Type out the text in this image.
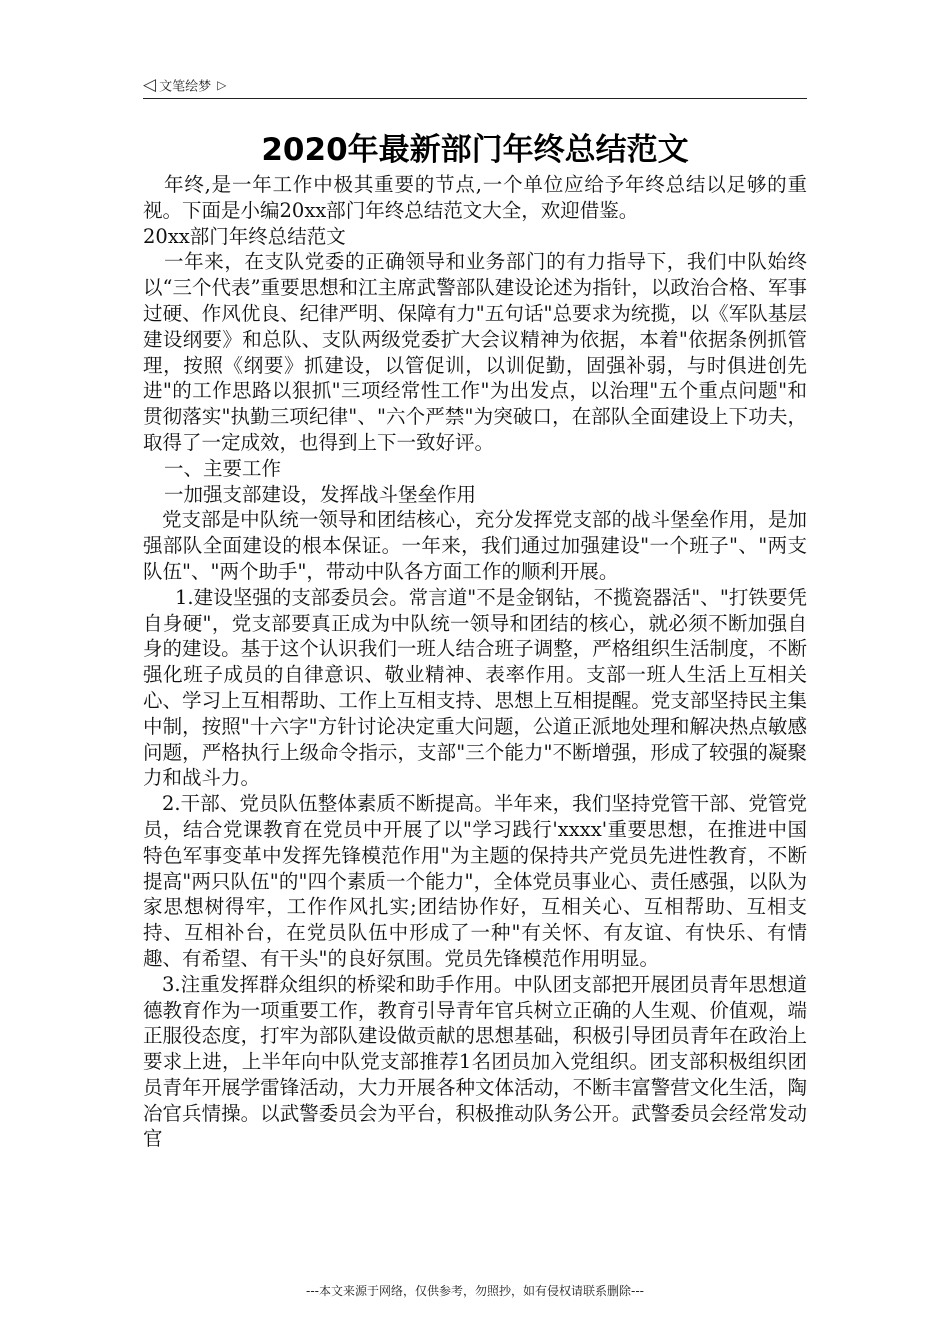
◁ 文笔绘梦 ▷
2020年最新部门年终总结范文

年终,是一年工作中极其重要的节点,一个单位应给予年终总结以足够的重视。下面是小编20xx部门年终总结范文大全，欢迎借鉴。

20xx部门年终总结范文

一年来，在支队党委的正确领导和业务部门的有力指导下，我们中队始终以“三个代表”重要思想和江主席武警部队建设论述为指针，以政治合格、军事过硬、作风优良、纪律严明、保障有力"五句话"总要求为统揽，以《军队基层建设纲要》和总队、支队两级党委扩大会议精神为依据，本着"依据条例抓管理，按照《纲要》抓建设，以管促训，以训促勤，固强补弱，与时俱进创先进"的工作思路以狠抓"三项经常性工作"为出发点，以治理"五个重点问题"和贯彻落实"执勤三项纪律"、"六个严禁"为突破口，在部队全面建设上下功夫，取得了一定成效，也得到上下一致好评。

一、主要工作

一加强支部建设，发挥战斗堡垒作用

党支部是中队统一领导和团结核心，充分发挥党支部的战斗堡垒作用，是加强部队全面建设的根本保证。一年来，我们通过加强建设"一个班子"、"两支队伍"、"两个助手"，带动中队各方面工作的顺利开展。

1.建设坚强的支部委员会。常言道"不是金钢钻，不揽瓷器活"、"打铁要凭自身硬"，党支部要真正成为中队统一领导和团结的核心，就必须不断加强自身的建设。基于这个认识我们一班人结合班子调整，严格组织生活制度，不断强化班子成员的自律意识、敬业精神、表率作用。支部一班人生活上互相关心、学习上互相帮助、工作上互相支持、思想上互相提醒。党支部坚持民主集中制，按照"十六字"方针讨论决定重大问题，公道正派地处理和解决热点敏感问题，严格执行上级命令指示，支部"三个能力"不断增强，形成了较强的凝聚力和战斗力。

2.干部、党员队伍整体素质不断提高。半年来，我们坚持党管干部、党管党员，结合党课教育在党员中开展了以"学习践行'xxxx'重要思想，在推进中国特色军事变革中发挥先锋模范作用"为主题的保持共产党员先进性教育，不断提高"两只队伍"的"四个素质一个能力"，全体党员事业心、责任感强，以队为家思想树得牢，工作作风扎实;团结协作好，互相关心、互相帮助、互相支持、互相补台，在党员队伍中形成了一种"有关怀、有友谊、有快乐、有情趣、有希望、有干头"的良好氛围。党员先锋模范作用明显。

3.注重发挥群众组织的桥梁和助手作用。中队团支部把开展团员青年思想道德教育作为一项重要工作，教育引导青年官兵树立正确的人生观、价值观，端正服役态度，打牢为部队建设做贡献的思想基础，积极引导团员青年在政治上要求上进，上半年向中队党支部推荐1名团员加入党组织。团支部积极组织团员青年开展学雷锋活动，大力开展各种文体活动，不断丰富警营文化生活，陶冶官兵情操。以武警委员会为平台，积极推动队务公开。武警委员会经常发动官

---本文来源于网络，仅供参考，勿照抄，如有侵权请联系删除---
